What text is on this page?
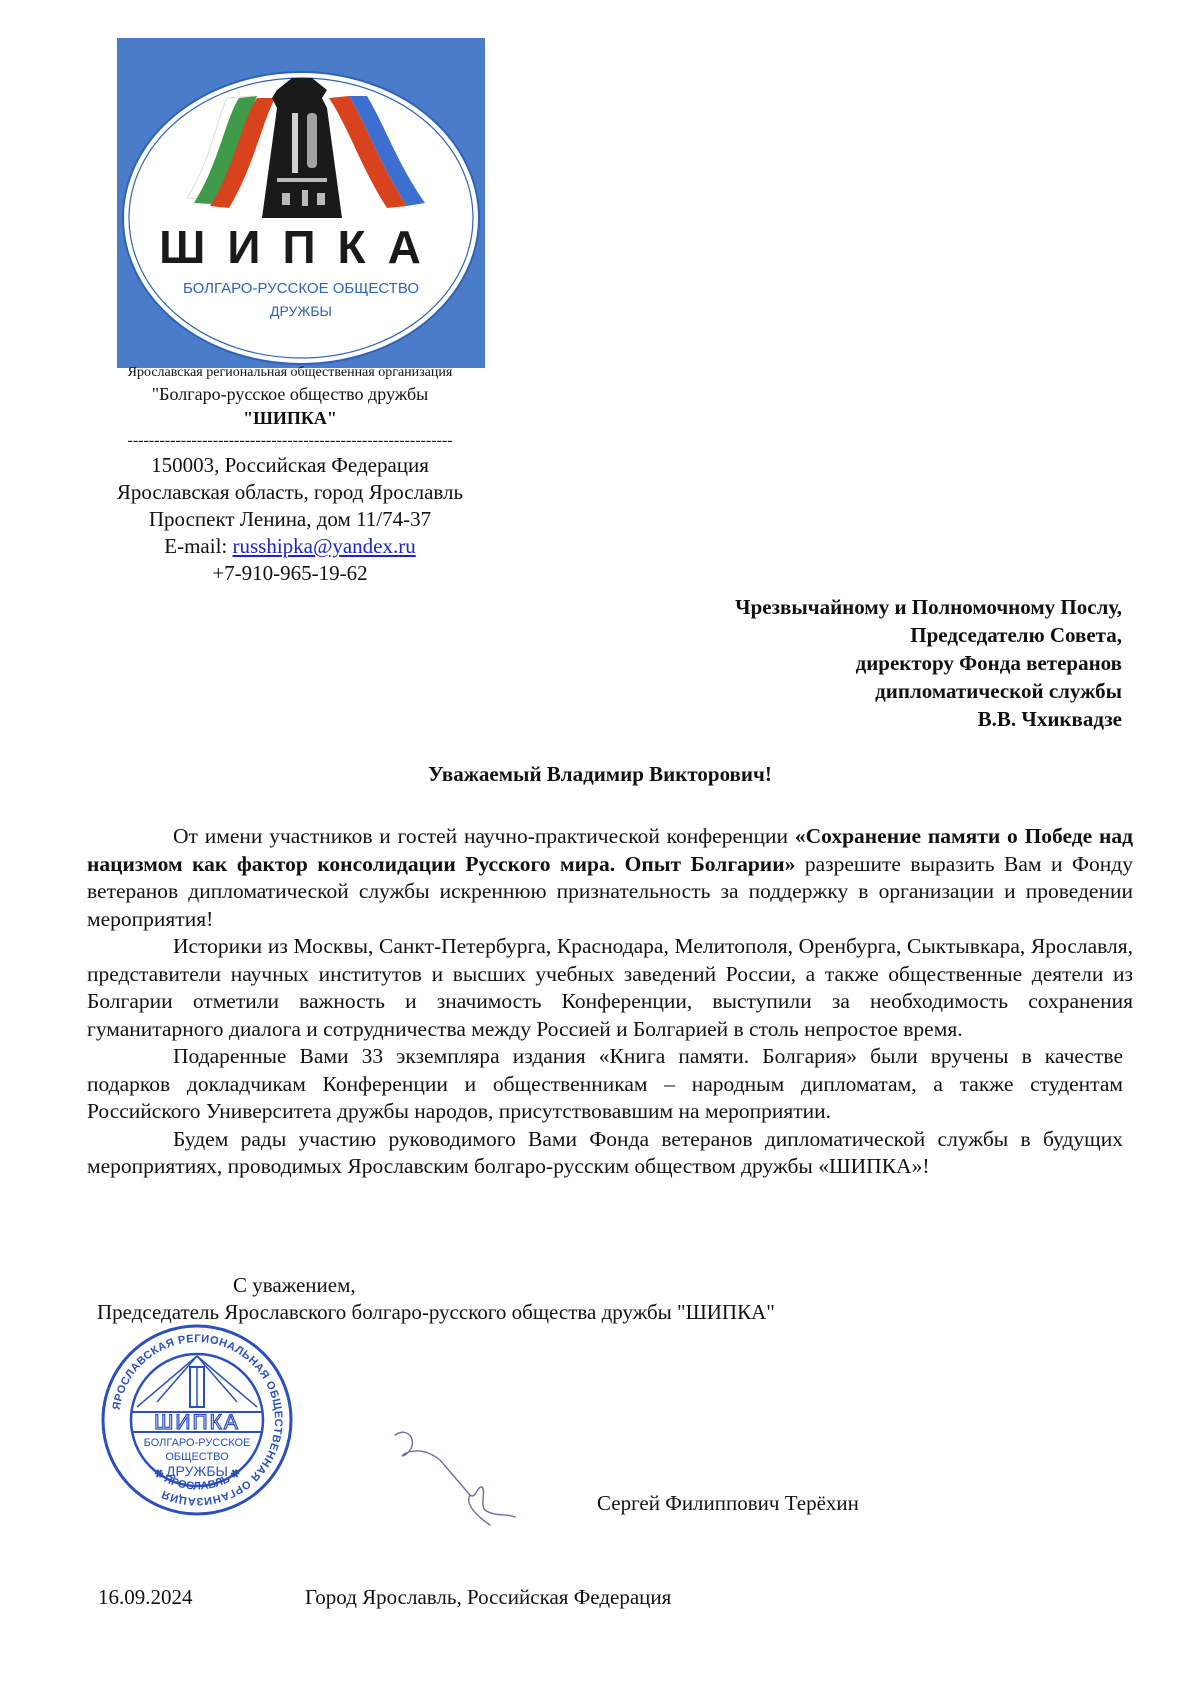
ШИПКА
БОЛГАРО-РУССКОЕ ОБЩЕСТВО
ДРУЖБЫ
Ярославская региональная общественная организация
"Болгаро-русское общество дружбы
"ШИПКА"
-------------------------------------------------------------
150003, Российская Федерация
Ярославская область, город Ярославль
Проспект Ленина, дом 11/74-37
E-mail: russhipka@yandex.ru
+7-910-965-19-62
Чрезвычайному и Полномочному Послу,
Председателю Совета,
директору Фонда ветеранов
дипломатической службы
В.В. Чхиквадзе
Уважаемый Владимир Викторович!

От имени участников и гостей научно-практической конференции «Сохранение памяти о Победе над нацизмом как фактор консолидации Русского мира. Опыт Болгарии» разрешите выразить Вам и Фонду ветеранов дипломатической службы искреннюю признательность за поддержку в организации и проведении мероприятия!

Историки из Москвы, Санкт-Петербурга, Краснодара, Мелитополя, Оренбурга, Сыктывкара, Ярославля, представители научных институтов и высших учебных заведений России, а также общественные деятели из Болгарии отметили важность и значимость Конференции, выступили за необходимость сохранения гуманитарного диалога и сотрудничества между Россией и Болгарией в столь непростое время.

Подаренные Вами 33 экземпляра издания «Книга памяти. Болгария» были вручены в качестве подарков докладчикам Конференции и общественникам – народным дипломатам, а также студентам Российского Университета дружбы народов, присутствовавшим на мероприятии.

Будем рады участию руководимого Вами Фонда ветеранов дипломатической службы в будущих мероприятиях, проводимых Ярославским болгаро-русским обществом дружбы «ШИПКА»!

С уважением,
Председатель Ярославского болгаро-русского общества дружбы "ШИПКА"
ЯРОСЛАВСКАЯ РЕГИОНАЛЬНАЯ ОБЩЕСТВЕННАЯ ОРГАНИЗАЦИЯ
✱ ЯРОСЛАВЛЬ ✱
ШИПКА
БОЛГАРО-РУССКОЕ
ОБЩЕСТВО
ДРУЖБЫ
Сергей Филиппович Терёхин
16.09.2024	Город Ярославль, Российская Федерация
